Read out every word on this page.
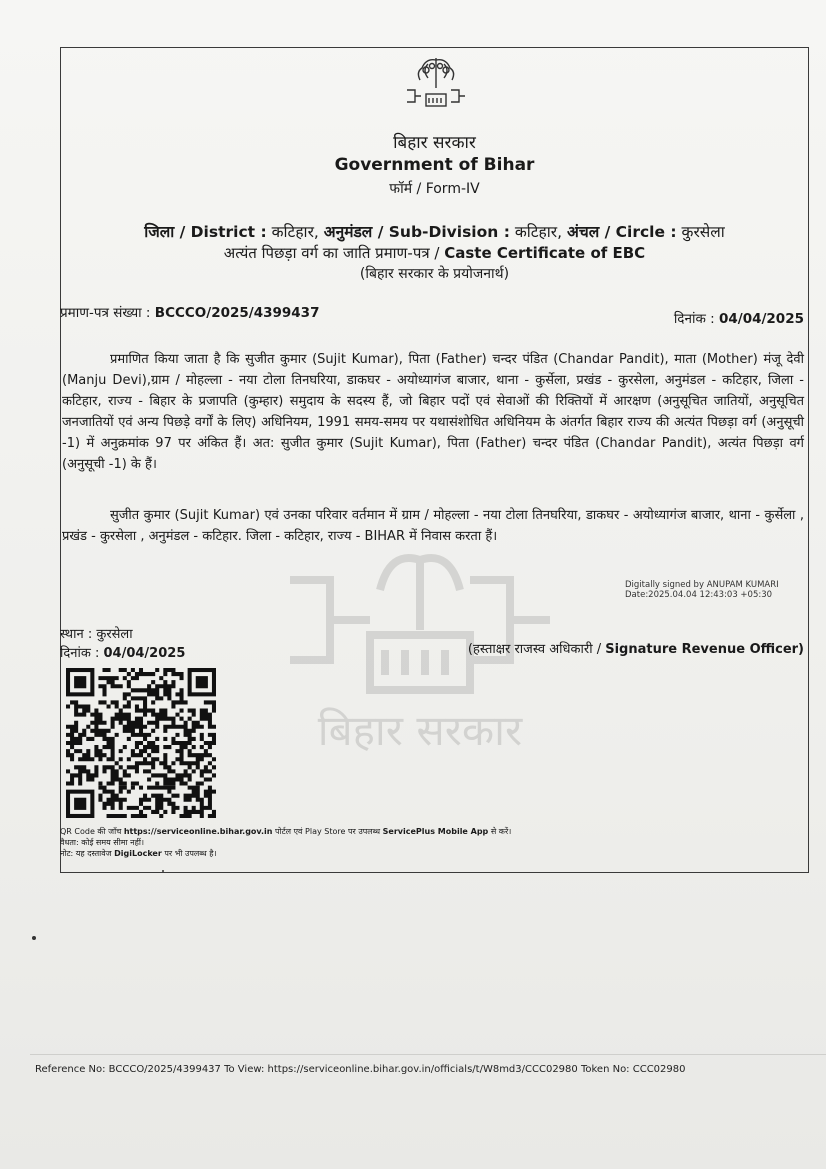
बिहार सरकार
बिहार सरकार
Government of Bihar
फॉर्म / Form-IV
जिला / District : कटिहार, अनुमंडल / Sub-Division : कटिहार, अंचल / Circle : कुरसेला
अत्यंत पिछड़ा वर्ग का जाति प्रमाण-पत्र / Caste Certificate of EBC
(बिहार सरकार के प्रयोजनार्थ)
प्रमाण-पत्र संख्या : BCCCO/2025/4399437	दिनांक : 04/04/2025

प्रमाणित किया जाता है कि सुजीत कुमार (Sujit Kumar), पिता (Father) चन्दर पंडित (Chandar Pandit), माता (Mother) मंजू देवी (Manju Devi),ग्राम / मोहल्ला - नया टोला तिनघरिया, डाकघर - अयोध्यागंज बाजार, थाना - कुर्सेला, प्रखंड - कुरसेला, अनुमंडल - कटिहार, जिला - कटिहार, राज्य - बिहार के प्रजापति (कुम्हार) समुदाय के सदस्य हैं, जो बिहार पदों एवं सेवाओं की रिक्तियों में आरक्षण (अनुसूचित जातियों, अनुसूचित जनजातियों एवं अन्य पिछड़े वर्गों के लिए) अधिनियम, 1991 समय-समय पर यथासंशोधित अधिनियम के अंतर्गत बिहार राज्य की अत्यंत पिछड़ा वर्ग (अनुसूची -1) में अनुक्रमांक 97 पर अंकित हैं। अत: सुजीत कुमार (Sujit Kumar), पिता (Father) चन्दर पंडित (Chandar Pandit), अत्यंत पिछड़ा वर्ग (अनुसूची -1) के हैं।

सुजीत कुमार (Sujit Kumar) एवं उनका परिवार वर्तमान में ग्राम / मोहल्ला - नया टोला तिनघरिया, डाकघर - अयोध्यागंज बाजार, थाना - कुर्सेला , प्रखंड - कुरसेला , अनुमंडल - कटिहार. जिला - कटिहार, राज्य - BIHAR में निवास करता हैं।

Digitally signed by ANUPAM KUMARI
Date:2025.04.04 12:43:03 +05:30
स्थान : कुरसेला
दिनांक : 04/04/2025	(हस्ताक्षर राजस्व अधिकारी / Signature Revenue Officer)
QR Code की जाँच https://serviceonline.bihar.gov.in पोर्टल एवं Play Store पर उपलब्ध ServicePlus Mobile App से करें।
वैधता: कोई समय सीमा नहीं।
नोट: यह दस्तावेज DigiLocker पर भी उपलब्ध है।
Reference No: BCCCO/2025/4399437 To View: https://serviceonline.bihar.gov.in/officials/t/W8md3/CCC02980 Token No: CCC02980
